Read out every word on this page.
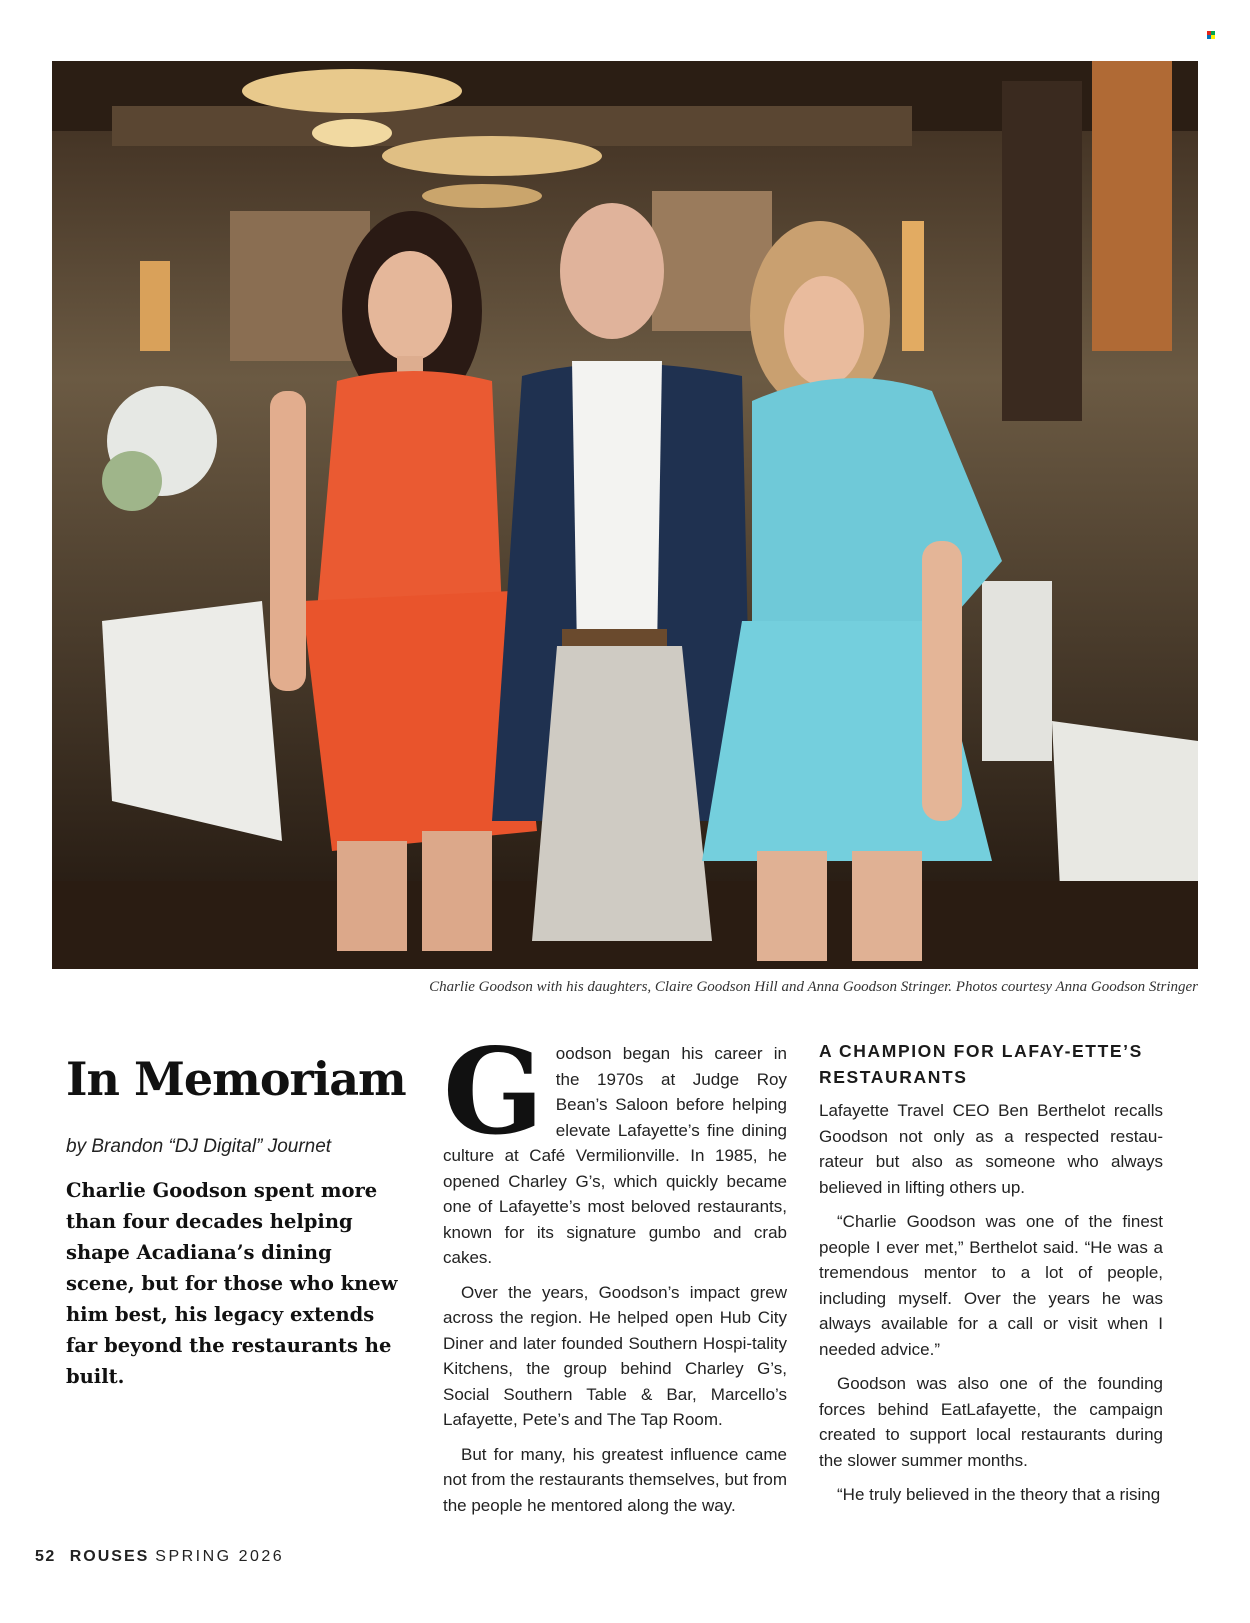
Charlie Goodson with his daughters, Claire Goodson Hill and Anna Goodson Stringer. Photos courtesy Anna Goodson Stringer
In Memoriam
by Brandon “DJ Digital” Journet

Charlie Goodson spent more than four decades helping shape Acadiana’s dining scene, but for those who knew him best, his legacy extends far beyond the restaurants he built.

Goodson began his career in the 1970s at Judge Roy Bean’s Saloon before helping elevate Lafayette’s fine dining culture at Café Vermilionville. In 1985, he opened Charley G’s, which quickly became one of Lafayette’s most beloved restaurants, known for its signature gumbo and crab cakes.

Over the years, Goodson’s impact grew across the region. He helped open Hub City Diner and later founded Southern Hospi-tality Kitchens, the group behind Charley G’s, Social Southern Table & Bar, Marcello’s Lafayette, Pete’s and The Tap Room.

But for many, his greatest influence came not from the restaurants themselves, but from the people he mentored along the way.

A CHAMPION FOR LAFAY-ETTE’S RESTAURANTS

Lafayette Travel CEO Ben Berthelot recalls Goodson not only as a respected restau-rateur but also as someone who always believed in lifting others up.

“Charlie Goodson was one of the finest people I ever met,” Berthelot said. “He was a tremendous mentor to a lot of people, including myself. Over the years he was always available for a call or visit when I needed advice.”

Goodson was also one of the founding forces behind EatLafayette, the campaign created to support local restaurants during the slower summer months.

“He truly believed in the theory that a rising

52 ROUSES SPRING 2026
